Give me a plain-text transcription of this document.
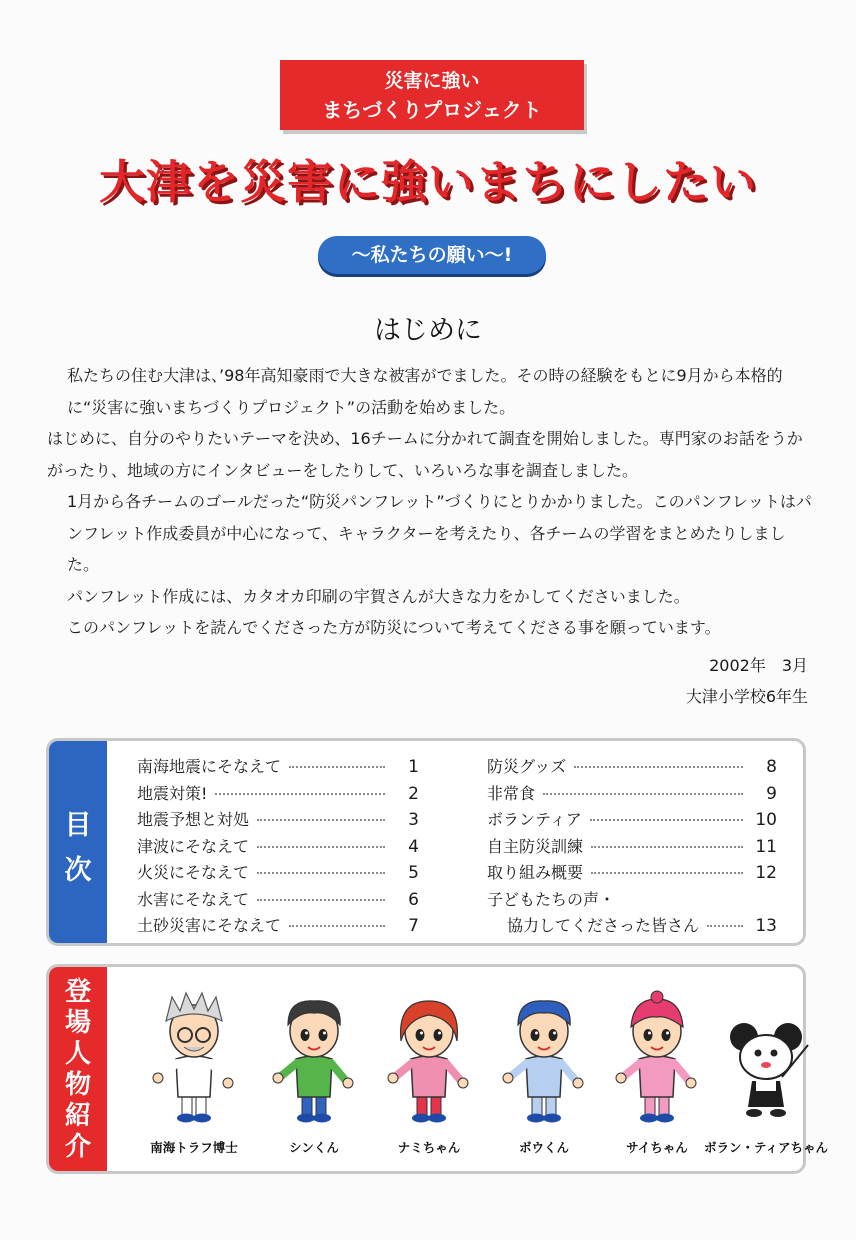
災害に強い
まちづくりプロジェクト
大津を災害に強いまちにしたい
〜私たちの願い〜!
はじめに

私たちの住む大津は、’98年高知豪雨で大きな被害がでました。その時の経験をもとに9月から本格的に“災害に強いまちづくりプロジェクト”の活動を始めました。

はじめに、自分のやりたいテーマを決め、16チームに分かれて調査を開始しました。専門家のお話をうかがったり、地域の方にインタビューをしたりして、いろいろな事を調査しました。

1月から各チームのゴールだった“防災パンフレット”づくりにとりかかりました。このパンフレットはパンフレット作成委員が中心になって、キャラクターを考えたり、各チームの学習をまとめたりしました。

パンフレット作成には、カタオカ印刷の宇賀さんが大きな力をかしてくださいました。

このパンフレットを読んでくださった方が防災について考えてくださる事を願っています。

2002年　3月
大津小学校6年生
目
次
南海地震にそなえて	1
地震対策!	2
地震予想と対処	3
津波にそなえて	4
火災にそなえて	5
水害にそなえて	6
土砂災害にそなえて	7
防災グッズ	8
非常食	9
ボランティア	10
自主防災訓練	11
取り組み概要	12
子どもたちの声・
協力してくださった皆さん	13
登
場
人
物
紹
介	南海トラフ博士	シンくん	ナミちゃん	ボウくん	サイちゃん	ボラン・ティアちゃん
